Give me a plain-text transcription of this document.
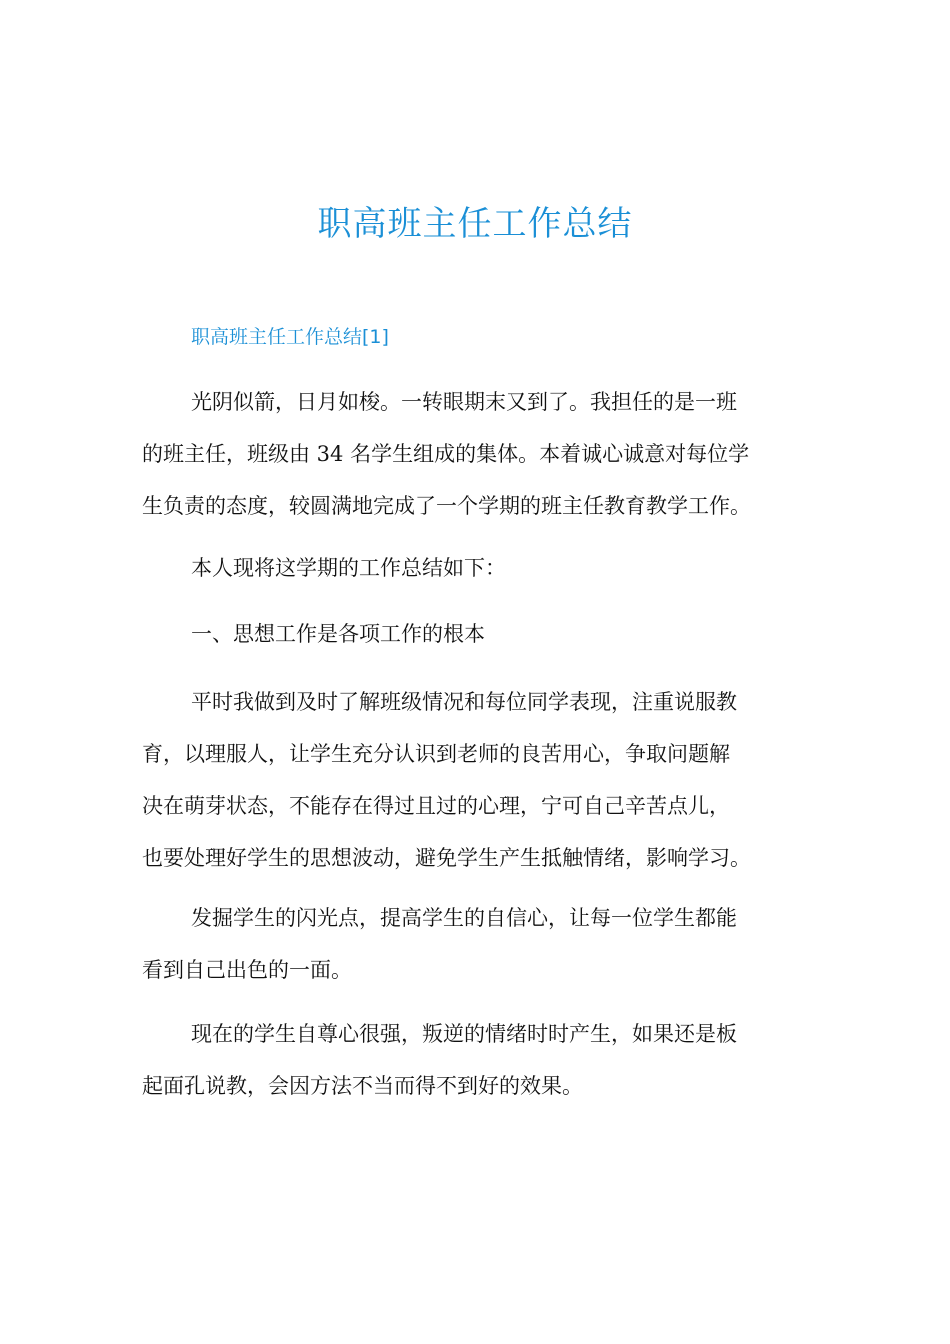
职高班主任工作总结
职高班主任工作总结[1]

光阴似箭，日月如梭。一转眼期末又到了。我担任的是一班
的班主任，班级由 34 名学生组成的集体。本着诚心诚意对每位学
生负责的态度，较圆满地完成了一个学期的班主任教育教学工作。

本人现将这学期的工作总结如下：

一、思想工作是各项工作的根本

平时我做到及时了解班级情况和每位同学表现，注重说服教
育，以理服人，让学生充分认识到老师的良苦用心，争取问题解
决在萌芽状态，不能存在得过且过的心理，宁可自己辛苦点儿，
也要处理好学生的思想波动，避免学生产生抵触情绪，影响学习。

发掘学生的闪光点，提高学生的自信心，让每一位学生都能
看到自己出色的一面。

现在的学生自尊心很强，叛逆的情绪时时产生，如果还是板
起面孔说教，会因方法不当而得不到好的效果。
